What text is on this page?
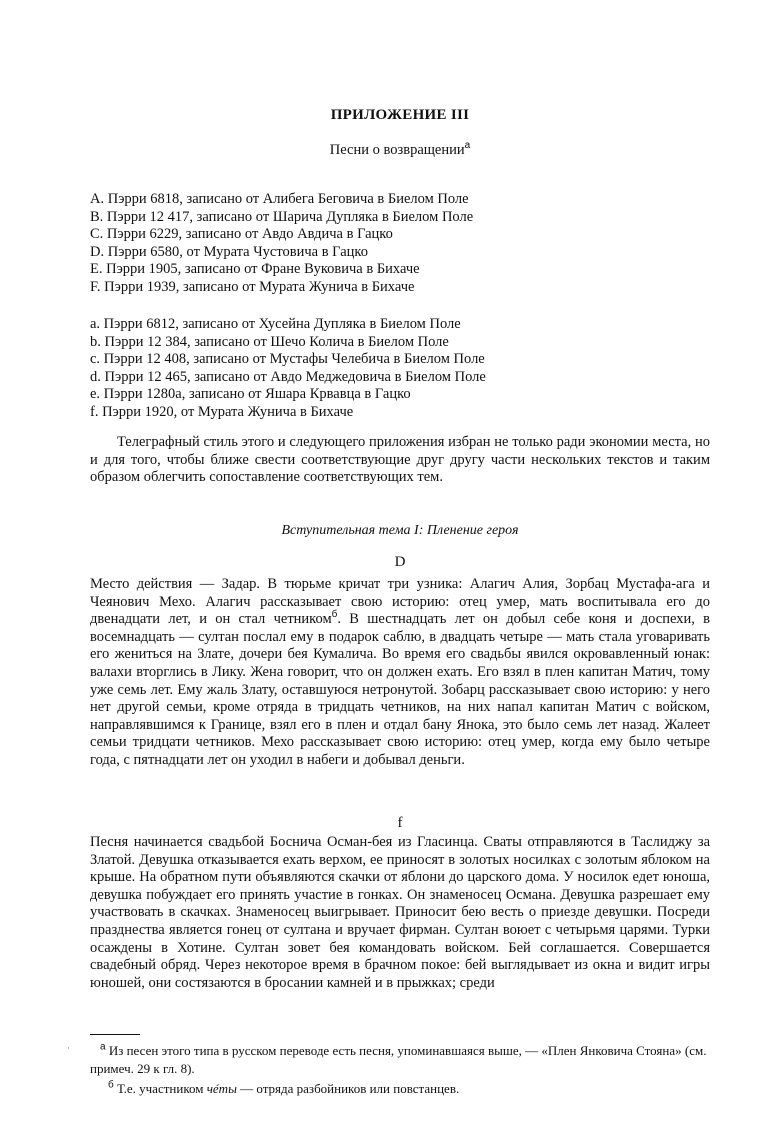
ПРИЛОЖЕНИЕ III
Песни о возвращении$^a$
A. Пэрри 6818, записано от Алибега Беговича в Биелом Поле
B. Пэрри 12 417, записано от Шарича Дупляка в Биелом Поле
C. Пэрри 6229, записано от Авдо Авдича в Гацко
D. Пэрри 6580, от Мурата Чустовича в Гацко
E. Пэрри 1905, записано от Фране Вуковича в Бихаче
F. Пэрри 1939, записано от Мурата Жунича в Бихаче
a. Пэрри 6812, записано от Хусейна Дупляка в Биелом Поле
b. Пэрри 12 384, записано от Шечо Колича в Биелом Поле
c. Пэрри 12 408, записано от Мустафы Челебича в Биелом Поле
d. Пэрри 12 465, записано от Авдо Меджедовича в Биелом Поле
e. Пэрри 1280a, записано от Яшара Крвавца в Гацко
f. Пэрри 1920, от Мурата Жунича в Бихаче

Телеграфный стиль этого и следующего приложения избран не только ради экономии места, но и для того, чтобы ближе свести соответствующие друг другу части нескольких текстов и таким образом облегчить сопоставление соответствующих тем.

Вступительная тема I: Пленение героя
D

Место действия — Задар. В тюрьме кричат три узника: Алагич Алия, Зорбац Мустафа-ага и Чеянович Мехо. Алагич рассказывает свою историю: отец умер, мать воспитывала его до двенадцати лет, и он стал четником$^б$. В шестнадцать лет он добыл себе коня и доспехи, в восемнадцать — султан послал ему в подарок саблю, в двадцать четыре — мать стала уговаривать его жениться на Злате, дочери бея Кумалича. Во время его свадьбы явился окровавленный юнак: валахи вторглись в Лику. Жена говорит, что он должен ехать. Его взял в плен капитан Матич, тому уже семь лет. Ему жаль Злату, оставшуюся нетронутой. Зобарц рассказывает свою историю: у него нет другой семьи, кроме отряда в тридцать четников, на них напал капитан Матич с войском, направлявшимся к Границе, взял его в плен и отдал бану Янока, это было семь лет назад. Жалеет семьи тридцати четников. Мехо рассказывает свою историю: отец умер, когда ему было четыре года, с пятнадцати лет он уходил в набеги и добывал деньги.

f

Песня начинается свадьбой Боснича Осман-бея из Гласинца. Сваты отправляются в Таслиджу за Златой. Девушка отказывается ехать верхом, ее приносят в золотых носилках с золотым яблоком на крыше. На обратном пути объявляются скачки от яблони до царского дома. У носилок едет юноша, девушка побуждает его принять участие в гонках. Он знаменосец Османа. Девушка разрешает ему участвовать в скачках. Знаменосец выигрывает. Приносит бею весть о приезде девушки. Посреди празднества является гонец от султана и вручает фирман. Султан воюет с четырьмя царями. Турки осаждены в Хотине. Султан зовет бея командовать войском. Бей соглашается. Совершается свадебный обряд. Через некоторое время в брачном покое: бей выглядывает из окна и видит игры юношей, они состязаются в бросании камней и в прыжках; среди

$^a$ Из песен этого типа в русском переводе есть песня, упоминавшаяся выше, — «Плен Янковича Стояна» (см. примеч. 29 к гл. 8).

$^б$ Т.е. участником чéты — отряда разбойников или повстанцев.

·
